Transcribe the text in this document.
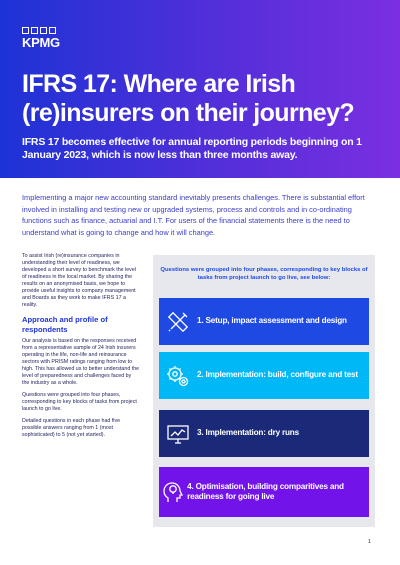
KPMG
IFRS 17: Where are Irish (re)insurers on their journey?

IFRS 17 becomes effective for annual reporting periods beginning on 1 January 2023, which is now less than three months away.

Implementing a major new accounting standard inevitably presents challenges. There is substantial effort involved in installing and testing new or upgraded systems, process and controls and in co-ordinating functions such as finance, actuarial and I.T. For users of the financial statements there is the need to understand what is going to change and how it will change.

To assist Irish (re)insurance companies in understanding their level of readiness, we developed a short survey to benchmark the level of readiness in the local market. By sharing the results on an anonymised basis, we hope to provide useful insights to company management and Boards as they work to make IFRS 17 a reality.

Approach and profile of respondents

Our analysis is based on the responses received from a representative sample of 24 Irish insurers operating in the life, non-life and reinsurance sectors with PRISM ratings ranging from low to high. This has allowed us to better understand the level of preparedness and challenges faced by the industry as a whole.

Questions were grouped into four phases, corresponding to key blocks of tasks from project launch to go live.

Detailed questions in each phase had five possible answers ranging from 1 (most sophisticated) to 5 (not yet started).

Questions were grouped into four phases, corresponding to key blocks of tasks from project launch to go live, see below:
1. Setup, impact assessment and design
2. Implementation: build, configure and test
3. Implementation: dry runs
4. Optimisation, building comparitives and readiness for going live
1
